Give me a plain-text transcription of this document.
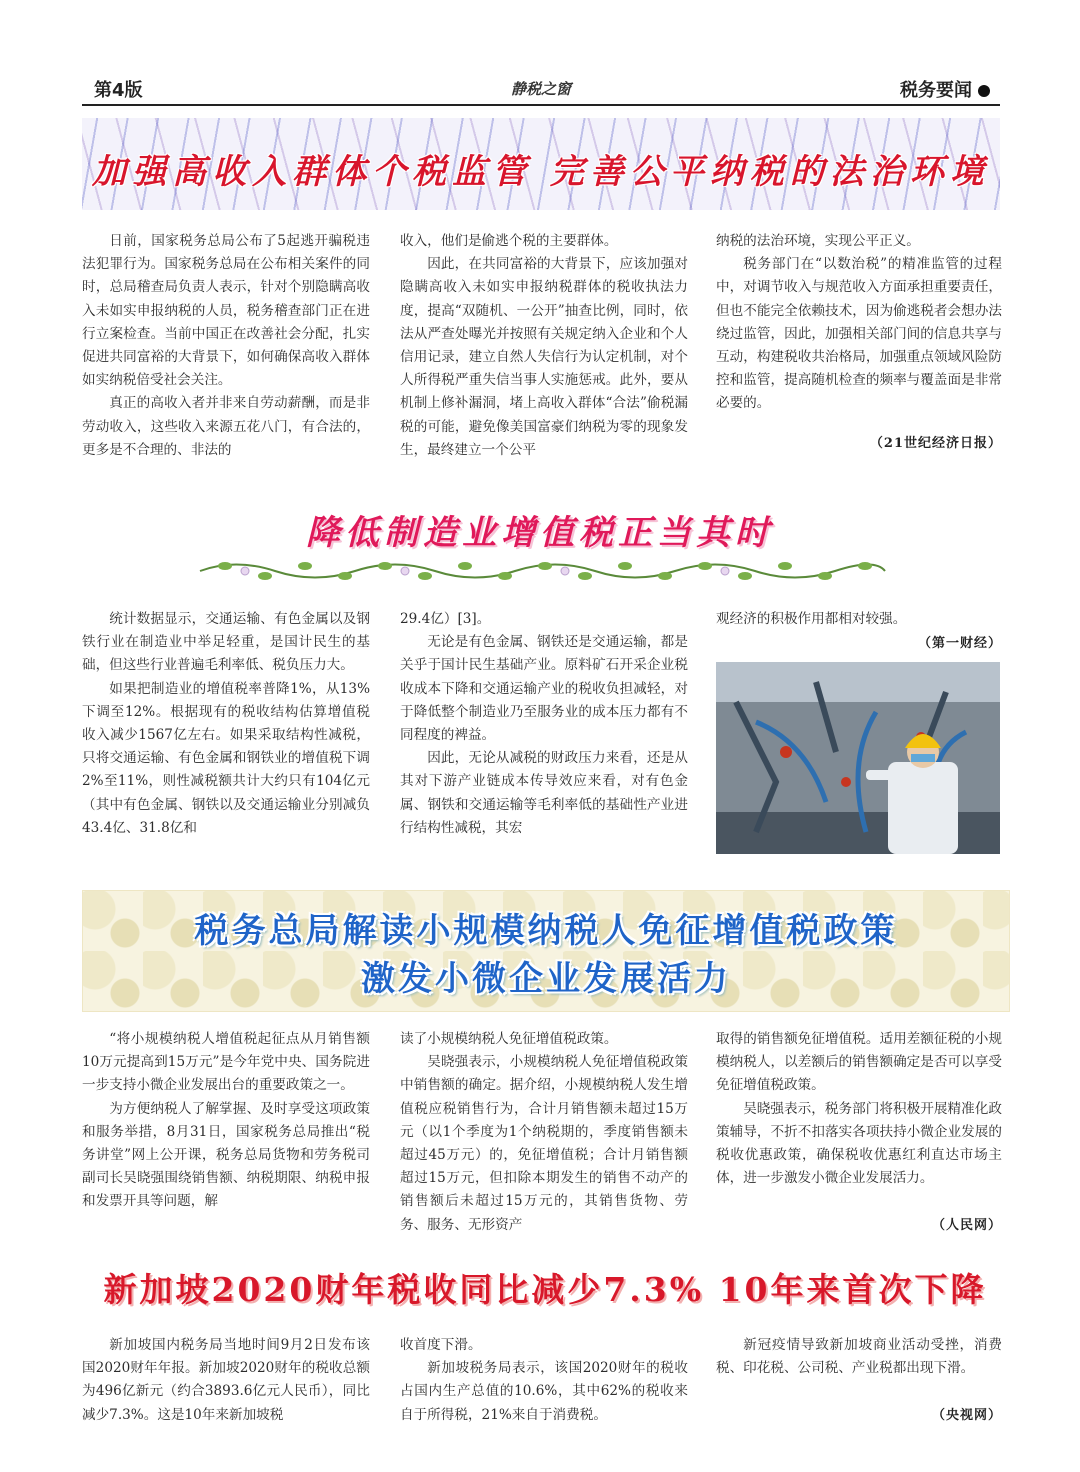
第4版	静税之窗	税务要闻
加强高收入群体个税监管 完善公平纳税的法治环境

日前，国家税务总局公布了5起逃开骗税违法犯罪行为。国家税务总局在公布相关案件的同时，总局稽查局负责人表示，针对个别隐瞒高收入未如实申报纳税的人员，税务稽查部门正在进行立案检查。当前中国正在改善社会分配，扎实促进共同富裕的大背景下，如何确保高收入群体如实纳税倍受社会关注。

真正的高收入者并非来自劳动薪酬，而是非劳动收入，这些收入来源五花八门，有合法的，更多是不合理的、非法的

收入，他们是偷逃个税的主要群体。

因此，在共同富裕的大背景下，应该加强对隐瞒高收入未如实申报纳税群体的税收执法力度，提高“双随机、一公开”抽查比例，同时，依法从严查处曝光并按照有关规定纳入企业和个人信用记录，建立自然人失信行为认定机制，对个人所得税严重失信当事人实施惩戒。此外，要从机制上修补漏洞，堵上高收入群体“合法”偷税漏税的可能，避免像美国富豪们纳税为零的现象发生，最终建立一个公平

纳税的法治环境，实现公平正义。

税务部门在“以数治税”的精准监管的过程中，对调节收入与规范收入方面承担重要责任，但也不能完全依赖技术，因为偷逃税者会想办法绕过监管，因此，加强相关部门间的信息共享与互动，构建税收共治格局，加强重点领域风险防控和监管，提高随机检查的频率与覆盖面是非常必要的。

（21世纪经济日报）
降低制造业增值税正当其时

统计数据显示，交通运输、有色金属以及钢铁行业在制造业中举足轻重，是国计民生的基础，但这些行业普遍毛利率低、税负压力大。

如果把制造业的增值税率普降1%，从13%下调至12%。根据现有的税收结构估算增值税收入减少1567亿左右。如果采取结构性减税，只将交通运输、有色金属和钢铁业的增值税下调2%至11%，则性减税额共计大约只有104亿元（其中有色金属、钢铁以及交通运输业分别减负43.4亿、31.8亿和

29.4亿）[3]。

无论是有色金属、钢铁还是交通运输，都是关乎于国计民生基础产业。原料矿石开采企业税收成本下降和交通运输产业的税收负担减轻，对于降低整个制造业乃至服务业的成本压力都有不同程度的裨益。

因此，无论从减税的财政压力来看，还是从其对下游产业链成本传导效应来看，对有色金属、钢铁和交通运输等毛利率低的基础性产业进行结构性减税，其宏

观经济的积极作用都相对较强。

（第一财经）
税务总局解读小规模纳税人免征增值税政策
激发小微企业发展活力

“将小规模纳税人增值税起征点从月销售额10万元提高到15万元”是今年党中央、国务院进一步支持小微企业发展出台的重要政策之一。

为方便纳税人了解掌握、及时享受这项政策和服务举措，8月31日，国家税务总局推出“税务讲堂”网上公开课，税务总局货物和劳务税司副司长吴晓强围绕销售额、纳税期限、纳税申报和发票开具等问题，解

读了小规模纳税人免征增值税政策。

吴晓强表示，小规模纳税人免征增值税政策中销售额的确定。据介绍，小规模纳税人发生增值税应税销售行为，合计月销售额未超过15万元（以1个季度为1个纳税期的，季度销售额未超过45万元）的，免征增值税；合计月销售额超过15万元，但扣除本期发生的销售不动产的销售额后未超过15万元的，其销售货物、劳务、服务、无形资产

取得的销售额免征增值税。适用差额征税的小规模纳税人，以差额后的销售额确定是否可以享受免征增值税政策。

吴晓强表示，税务部门将积极开展精准化政策辅导，不折不扣落实各项扶持小微企业发展的税收优惠政策，确保税收优惠红利直达市场主体，进一步激发小微企业发展活力。

（人民网）
新加坡2020财年税收同比减少7.3% 10年来首次下降

新加坡国内税务局当地时间9月2日发布该国2020财年年报。新加坡2020财年的税收总额为496亿新元（约合3893.6亿元人民币），同比减少7.3%。这是10年来新加坡税

收首度下滑。

新加坡税务局表示，该国2020财年的税收占国内生产总值的10.6%，其中62%的税收来自于所得税，21%来自于消费税。

新冠疫情导致新加坡商业活动受挫，消费税、印花税、公司税、产业税都出现下滑。

（央视网）
